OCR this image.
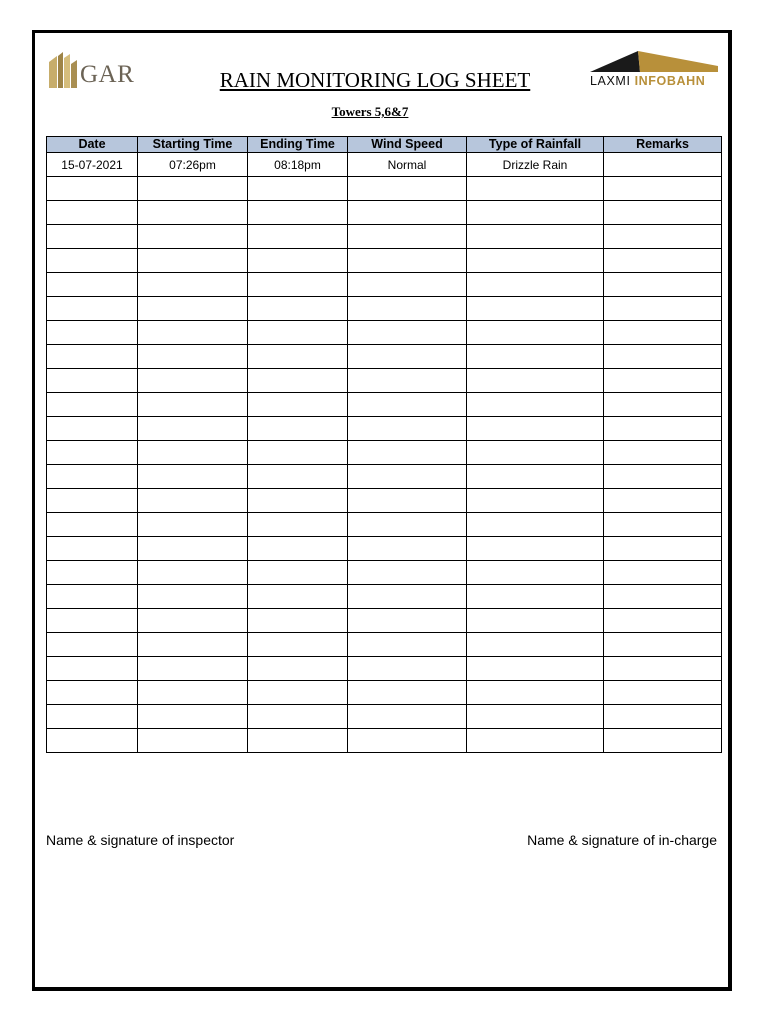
GAR	RAIN MONITORING LOG SHEET
Towers 5,6&7
LAXMI INFOBAHN
Date	Starting Time	Ending Time	Wind Speed	Type of Rainfall	Remarks
15-07-2021	07:26pm	08:18pm	Normal	Drizzle Rain	

Name & signature of inspector	Name & signature of in-charge
